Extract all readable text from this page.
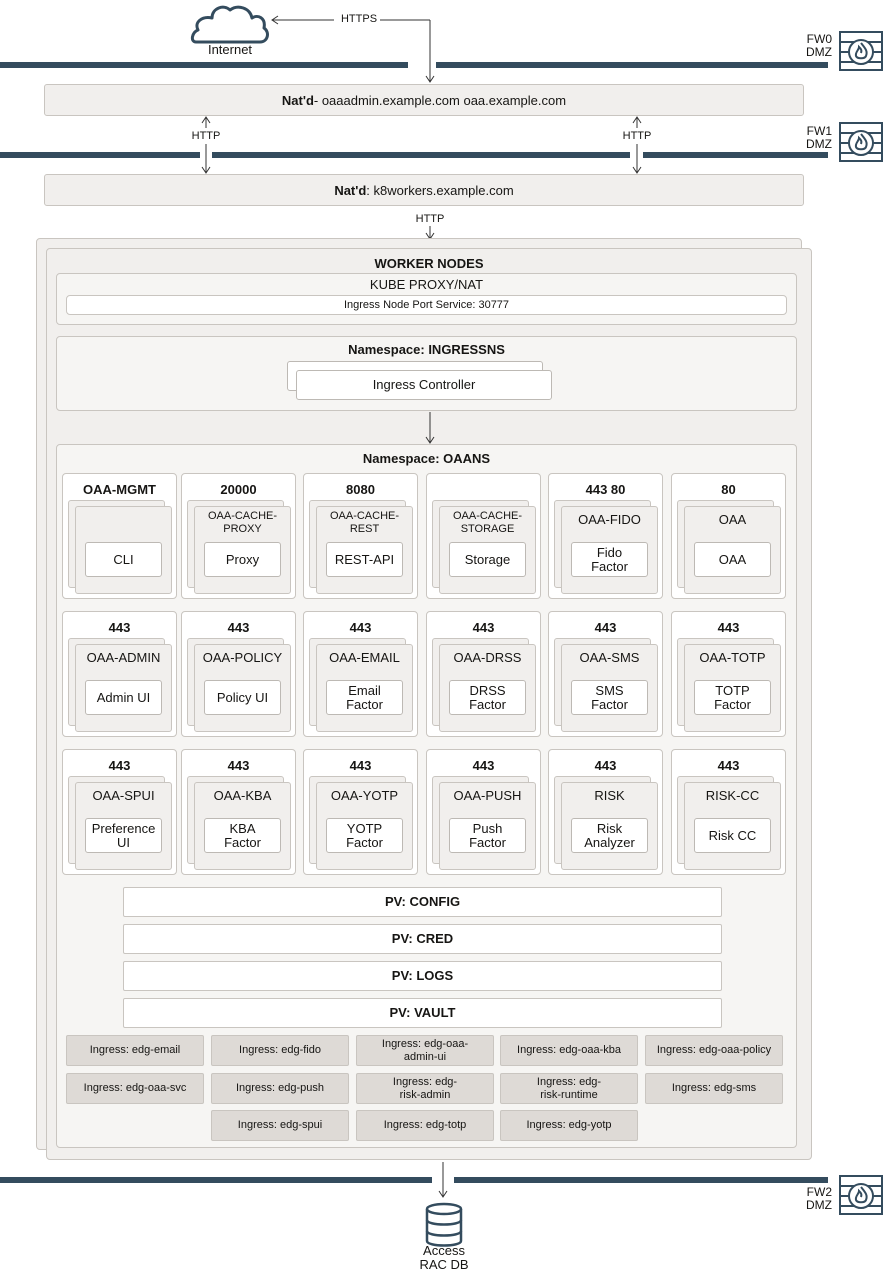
Internet
HTTPS
FW0
DMZ
Nat'd- oaaadmin.example.com oaa.example.com
HTTP	HTTP	FW1
DMZ
Nat'd: k8workers.example.com
HTTP
WORKER NODES
KUBE PROXY/NAT
Ingress Node Port Service: 30777
Namespace: INGRESSNS
Ingress Controller
Namespace: OAANS
OAA-MGMT
CLI
20000
OAA-CACHE-
PROXY
Proxy
8080
OAA-CACHE-
REST
REST-API
OAA-CACHE-
STORAGE
Storage
443 80
OAA-FIDO
Fido
Factor
80
OAA
OAA
443
OAA-ADMIN
Admin UI
443
OAA-POLICY
Policy UI
443
OAA-EMAIL
Email
Factor
443
OAA-DRSS
DRSS
Factor
443
OAA-SMS
SMS
Factor
443
OAA-TOTP
TOTP
Factor
443
OAA-SPUI
Preference
UI
443
OAA-KBA
KBA
Factor
443
OAA-YOTP
YOTP
Factor
443
OAA-PUSH
Push
Factor
443
RISK
Risk
Analyzer
443
RISK-CC
Risk CC
PV: CONFIG
PV: CRED
PV: LOGS
PV: VAULT
Ingress: edg-email	Ingress: edg-fido
Ingress: edg-oaa-
admin-ui
Ingress: edg-oaa-kba	Ingress: edg-oaa-policy
Ingress: edg-oaa-svc	Ingress: edg-push
Ingress: edg-
risk-admin
Ingress: edg-
risk-runtime
Ingress: edg-sms
Ingress: edg-spui	Ingress: edg-totp	Ingress: edg-yotp
FW2
DMZ
Access
RAC DB
